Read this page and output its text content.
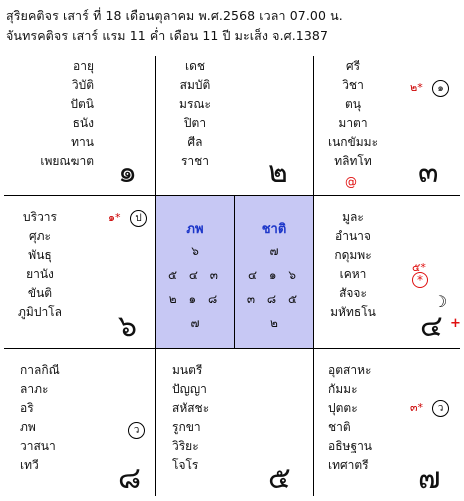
สุริยคติจร เสาร์ ที่ 18 เดือนตุลาคม พ.ศ.2568 เวลา 07.00 น.
จันทรคติจร เสาร์ แรม 11 ค่ำ เดือน 11 ปี มะเส็ง จ.ศ.1387
อายุ
วิบัติ
ปัตนิ
ธนัง
ทาน
เพยณฆาต ๑
เดช
สมบัติ
มรณะ
ปิตา
ศีล
ราชา	๒
ศรี
วิชา
ตนุ
มาตา
เนกขัมมะ
ทลิทโท
๒*	๑
@ ๓
บริวาร
ศุภะ
พันธุ
ยานัง
ขันติ
ภูมิปาโล
๑*	ป
๖
ภพ	ชาติ
๖
๕ ๔ ๓
๒ ๑ ๘
๗
๗
๔ ๑ ๖
๓ ๘ ๕
๒
มูละ
อำนาจ
กดุมพะ
เคหา
สัจจะ
มหัทธโน
๕*
*
☽
๔ +
กาลกิณี
ลาภะ
อริ
ภพ
วาสนา
เทวี
ว
๘
มนตรี
ปัญญา
สหัสชะ
รูกขา
วิริยะ
โจโร	๕
อุตสาหะ
กัมมะ
ปุตตะ
ชาติ
อธิษฐาน
เทศาตรี
๓*	ว
๗
